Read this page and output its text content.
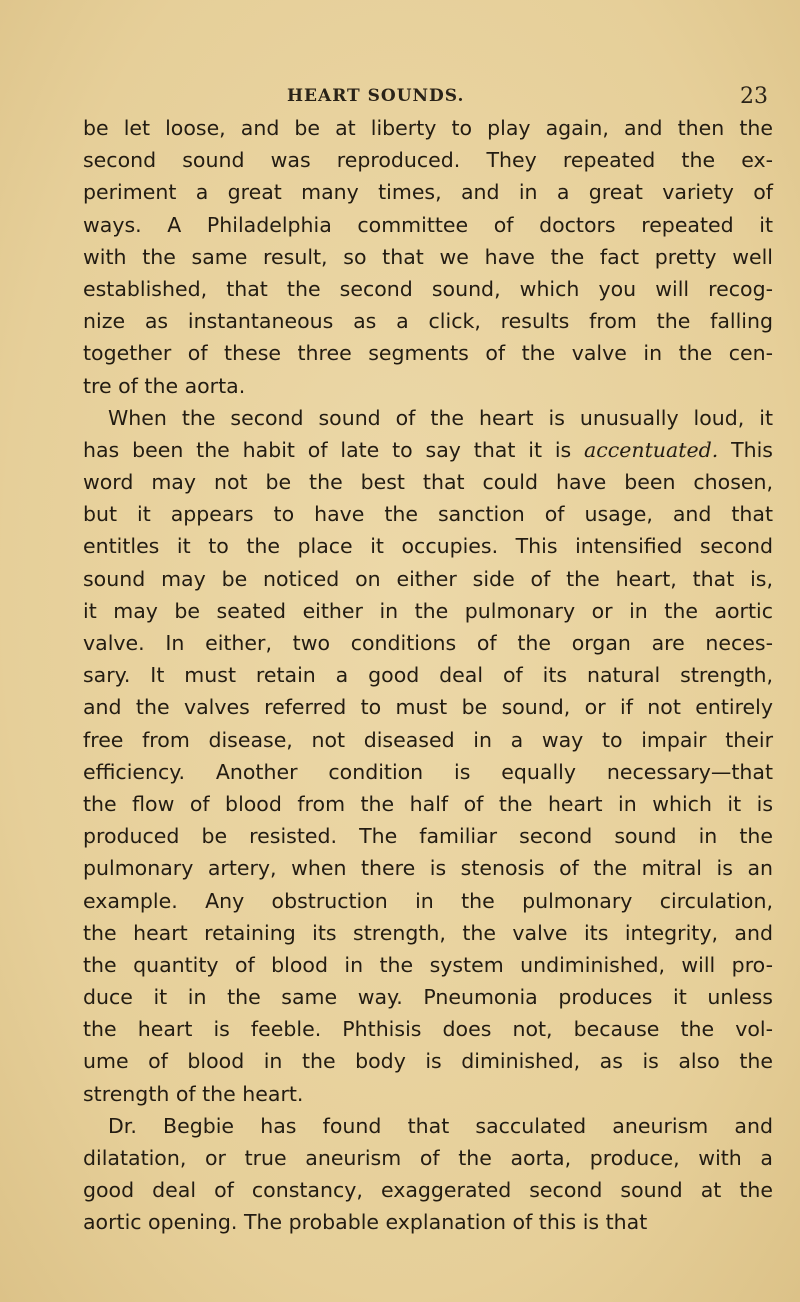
HEART SOUNDS.	23
be let loose, and be at liberty to play again, and then the
second sound was reproduced. They repeated the ex-
periment a great many times, and in a great variety of
ways. A Philadelphia committee of doctors repeated it
with the same result, so that we have the fact pretty well
established, that the second sound, which you will recog-
nize as instantaneous as a click, results from the falling
together of these three segments of the valve in the cen-
tre of the aorta.
When the second sound of the heart is unusually loud, it
has been the habit of late to say that it is accentuated. This
word may not be the best that could have been chosen,
but it appears to have the sanction of usage, and that
entitles it to the place it occupies. This intensified second
sound may be noticed on either side of the heart, that is,
it may be seated either in the pulmonary or in the aortic
valve. In either, two conditions of the organ are neces-
sary. It must retain a good deal of its natural strength,
and the valves referred to must be sound, or if not entirely
free from disease, not diseased in a way to impair their
efficiency. Another condition is equally necessary—that
the flow of blood from the half of the heart in which it is
produced be resisted. The familiar second sound in the
pulmonary artery, when there is stenosis of the mitral is an
example. Any obstruction in the pulmonary circulation,
the heart retaining its strength, the valve its integrity, and
the quantity of blood in the system undiminished, will pro-
duce it in the same way. Pneumonia produces it unless
the heart is feeble. Phthisis does not, because the vol-
ume of blood in the body is diminished, as is also the
strength of the heart.
Dr. Begbie has found that sacculated aneurism and
dilatation, or true aneurism of the aorta, produce, with a
good deal of constancy, exaggerated second sound at the
aortic opening. The probable explanation of this is that
